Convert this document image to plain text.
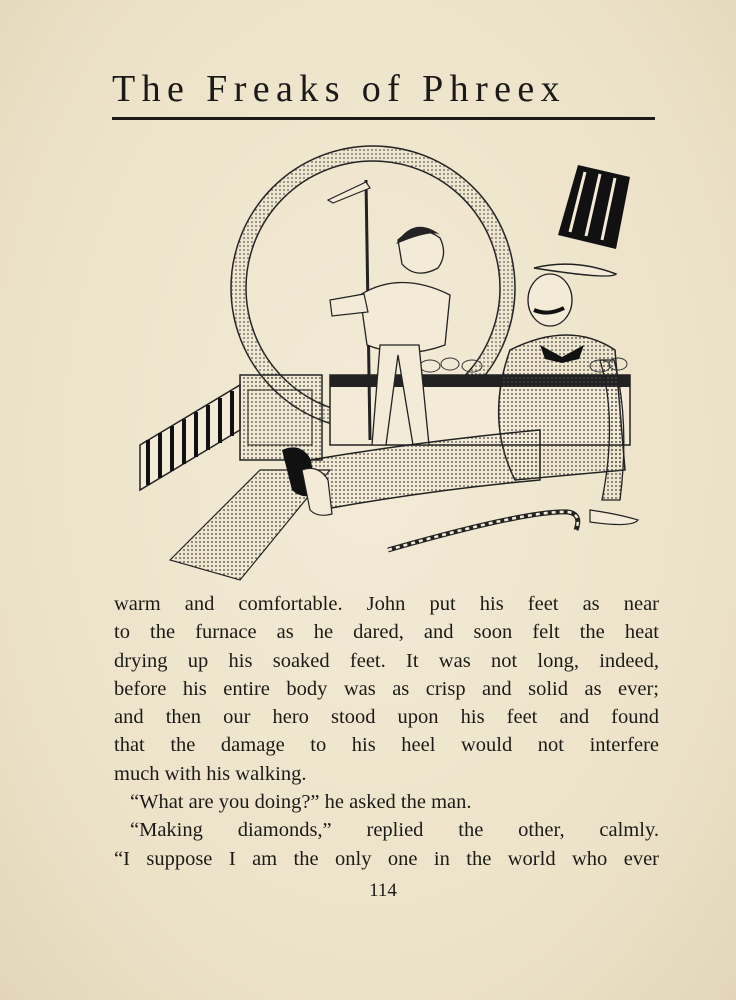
The Freaks of Phreex
warm and comfortable. John put his feet as near
to the furnace as he dared, and soon felt the heat
drying up his soaked feet. It was not long, indeed,
before his entire body was as crisp and solid as ever;
and then our hero stood upon his feet and found
that the damage to his heel would not interfere
much with his walking.
“What are you doing?” he asked the man.
“Making diamonds,” replied the other, calmly.
“I suppose I am the only one in the world who ever
114
